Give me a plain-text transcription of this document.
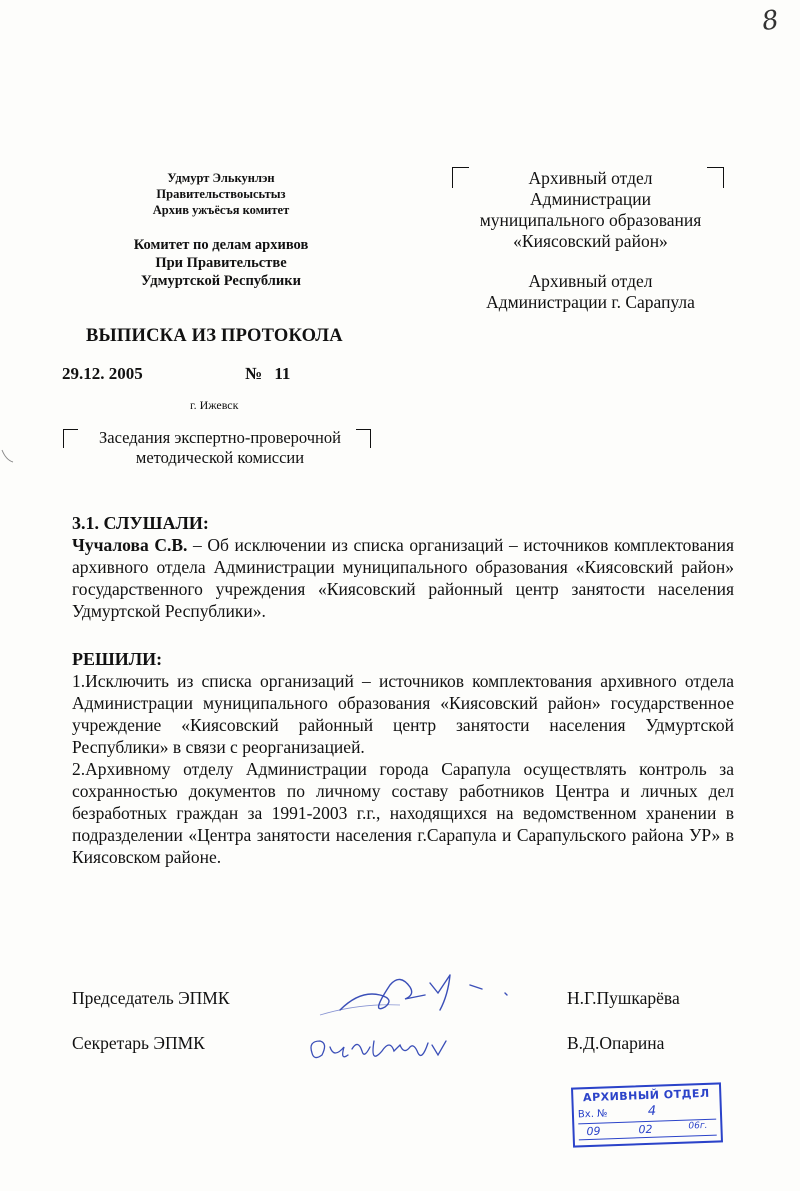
8
Удмурт Элькунлэн
Правительствоысьтыз
Архив ужъёсъя комитет
Комитет по делам архивов
При Правительстве
Удмуртской Республики
Архивный отдел
Администрации
муниципального образования
«Киясовский район»
Архивный отдел
Администрации г. Сарапула
ВЫПИСКА ИЗ ПРОТОКОЛА
29.12. 2005	№ 11
г. Ижевск
Заседания экспертно-проверочной
методической комиссии
3.1. СЛУШАЛИ:
Чучалова С.В. – Об исключении из списка организаций – источников комплектования архивного отдела Администрации муниципального образования «Киясовский район» государственного учреждения «Киясовский районный центр занятости населения Удмуртской Республики».
РЕШИЛИ:
1.Исключить из списка организаций – источников комплектования архивного отдела Администрации муниципального образования «Киясовский район» государственное учреждение «Киясовский районный центр занятости населения Удмуртской Республики» в связи с реорганизацией.
2.Архивному отделу Администрации города Сарапула осуществлять контроль за сохранностью документов по личному составу работников Центра и личных дел безработных граждан за 1991-2003 г.г., находящихся на ведомственном хранении в подразделении «Центра занятости населения г.Сарапула и Сарапульского района УР» в Киясовском районе.
Председатель ЭПМК	Н.Г.Пушкарёва
Секретарь ЭПМК	В.Д.Опарина
АРХИВНЫЙ ОТДЕЛ
Вх. №	4
09	02	06г.
